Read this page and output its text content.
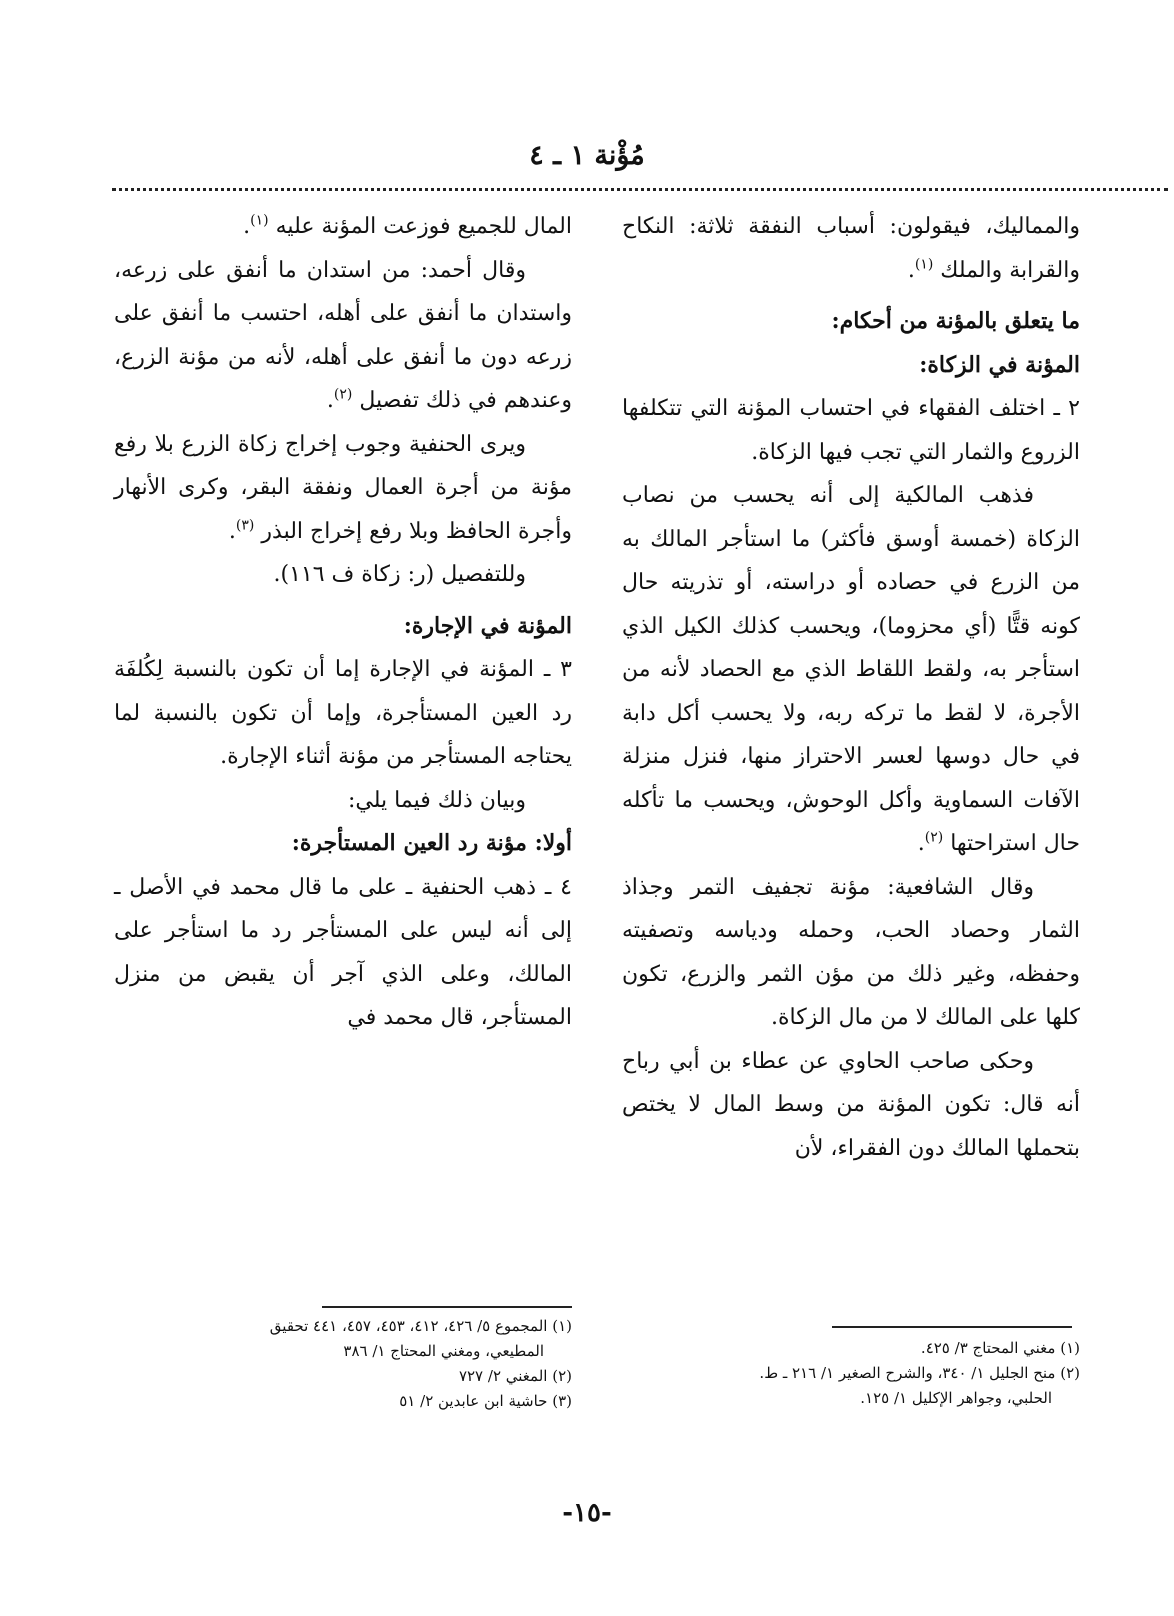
مُؤْنة ١ ـ ٤

والمماليك، فيقولون: أسباب النفقة ثلاثة: النكاح والقرابة والملك $^{(١)}$.

ما يتعلق بالمؤنة من أحكام:

المؤنة في الزكاة:

٢ ـ اختلف الفقهاء في احتساب المؤنة التي تتكلفها الزروع والثمار التي تجب فيها الزكاة.

فذهب المالكية إلى أنه يحسب من نصاب الزكاة (خمسة أوسق فأكثر) ما استأجر المالك به من الزرع في حصاده أو دراسته، أو تذريته حال كونه قتًّا (أي محزوما)، ويحسب كذلك الكيل الذي استأجر به، ولقط اللقاط الذي مع الحصاد لأنه من الأجرة، لا لقط ما تركه ربه، ولا يحسب أكل دابة في حال دوسها لعسر الاحتراز منها، فنزل منزلة الآفات السماوية وأكل الوحوش، ويحسب ما تأكله حال استراحتها $^{(٢)}$.

وقال الشافعية: مؤنة تجفيف التمر وجذاذ الثمار وحصاد الحب، وحمله ودياسه وتصفيته وحفظه، وغير ذلك من مؤن الثمر والزرع، تكون كلها على المالك لا من مال الزكاة.

وحكى صاحب الحاوي عن عطاء بن أبي رباح أنه قال: تكون المؤنة من وسط المال لا يختص بتحملها المالك دون الفقراء، لأن

المال للجميع فوزعت المؤنة عليه $^{(١)}$.

وقال أحمد: من استدان ما أنفق على زرعه، واستدان ما أنفق على أهله، احتسب ما أنفق على زرعه دون ما أنفق على أهله، لأنه من مؤنة الزرع، وعندهم في ذلك تفصيل $^{(٢)}$.

ويرى الحنفية وجوب إخراج زكاة الزرع بلا رفع مؤنة من أجرة العمال ونفقة البقر، وكرى الأنهار وأجرة الحافظ وبلا رفع إخراج البذر $^{(٣)}$.

وللتفصيل (ر: زكاة ف ١١٦).

المؤنة في الإجارة:

٣ ـ المؤنة في الإجارة إما أن تكون بالنسبة لِكُلفَة رد العين المستأجرة، وإما أن تكون بالنسبة لما يحتاجه المستأجر من مؤنة أثناء الإجارة.

وبيان ذلك فيما يلي:

أولا: مؤنة رد العين المستأجرة:

٤ ـ ذهب الحنفية ـ على ما قال محمد في الأصل ـ إلى أنه ليس على المستأجر رد ما استأجر على المالك، وعلى الذي آجر أن يقبض من منزل المستأجر، قال محمد في

(١) مغني المحتاج ٣/ ٤٢٥.

(٢) منح الجليل ١/ ٣٤٠، والشرح الصغير ١/ ٢١٦ ـ ط.

الحلبي، وجواهر الإكليل ١/ ١٢٥.

(١) المجموع ٥/ ٤٢٦، ٤١٢، ٤٥٣، ٤٥٧، ٤٤١ تحقيق

المطيعي، ومغني المحتاج ١/ ٣٨٦

(٢) المغني ٢/ ٧٢٧

(٣) حاشية ابن عابدين ٢/ ٥١

-١٥-
